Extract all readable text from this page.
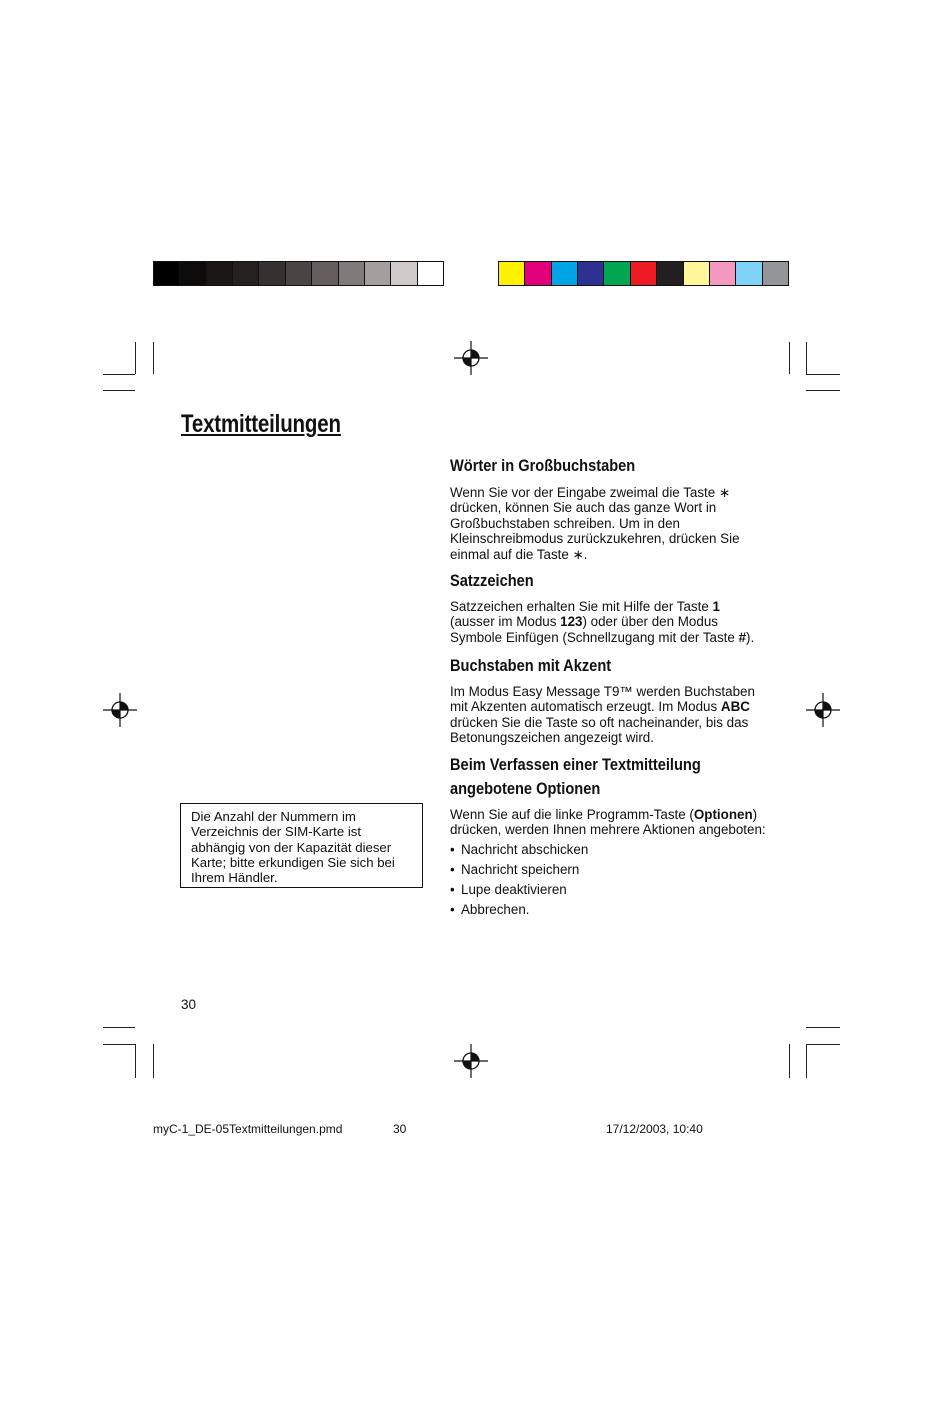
Textmitteilungen
Wörter in Großbuchstaben

Wenn Sie vor der Eingabe zweimal die Taste ∗
drücken, können Sie auch das ganze Wort in
Großbuchstaben schreiben. Um in den
Kleinschreibmodus zurückzukehren, drücken Sie
einmal auf die Taste ∗.

Satzzeichen

Satzzeichen erhalten Sie mit Hilfe der Taste 1
(ausser im Modus 123) oder über den Modus
Symbole Einfügen (Schnellzugang mit der Taste #).

Buchstaben mit Akzent

Im Modus Easy Message T9™ werden Buchstaben
mit Akzenten automatisch erzeugt. Im Modus ABC
drücken Sie die Taste so oft nacheinander, bis das
Betonungszeichen angezeigt wird.

Beim Verfassen einer Textmitteilung
angebotene Optionen

Wenn Sie auf die linke Programm-Taste (Optionen)
drücken, werden Ihnen mehrere Aktionen angeboten:

• Nachricht abschicken
• Nachricht speichern
• Lupe deaktivieren
• Abbrechen.
Die Anzahl der Nummern im
Verzeichnis der SIM-Karte ist
abhängig von der Kapazität dieser
Karte; bitte erkundigen Sie sich bei
Ihrem Händler.
30
myC-1_DE-05Textmitteilungen.pmd	30	17/12/2003, 10:40
